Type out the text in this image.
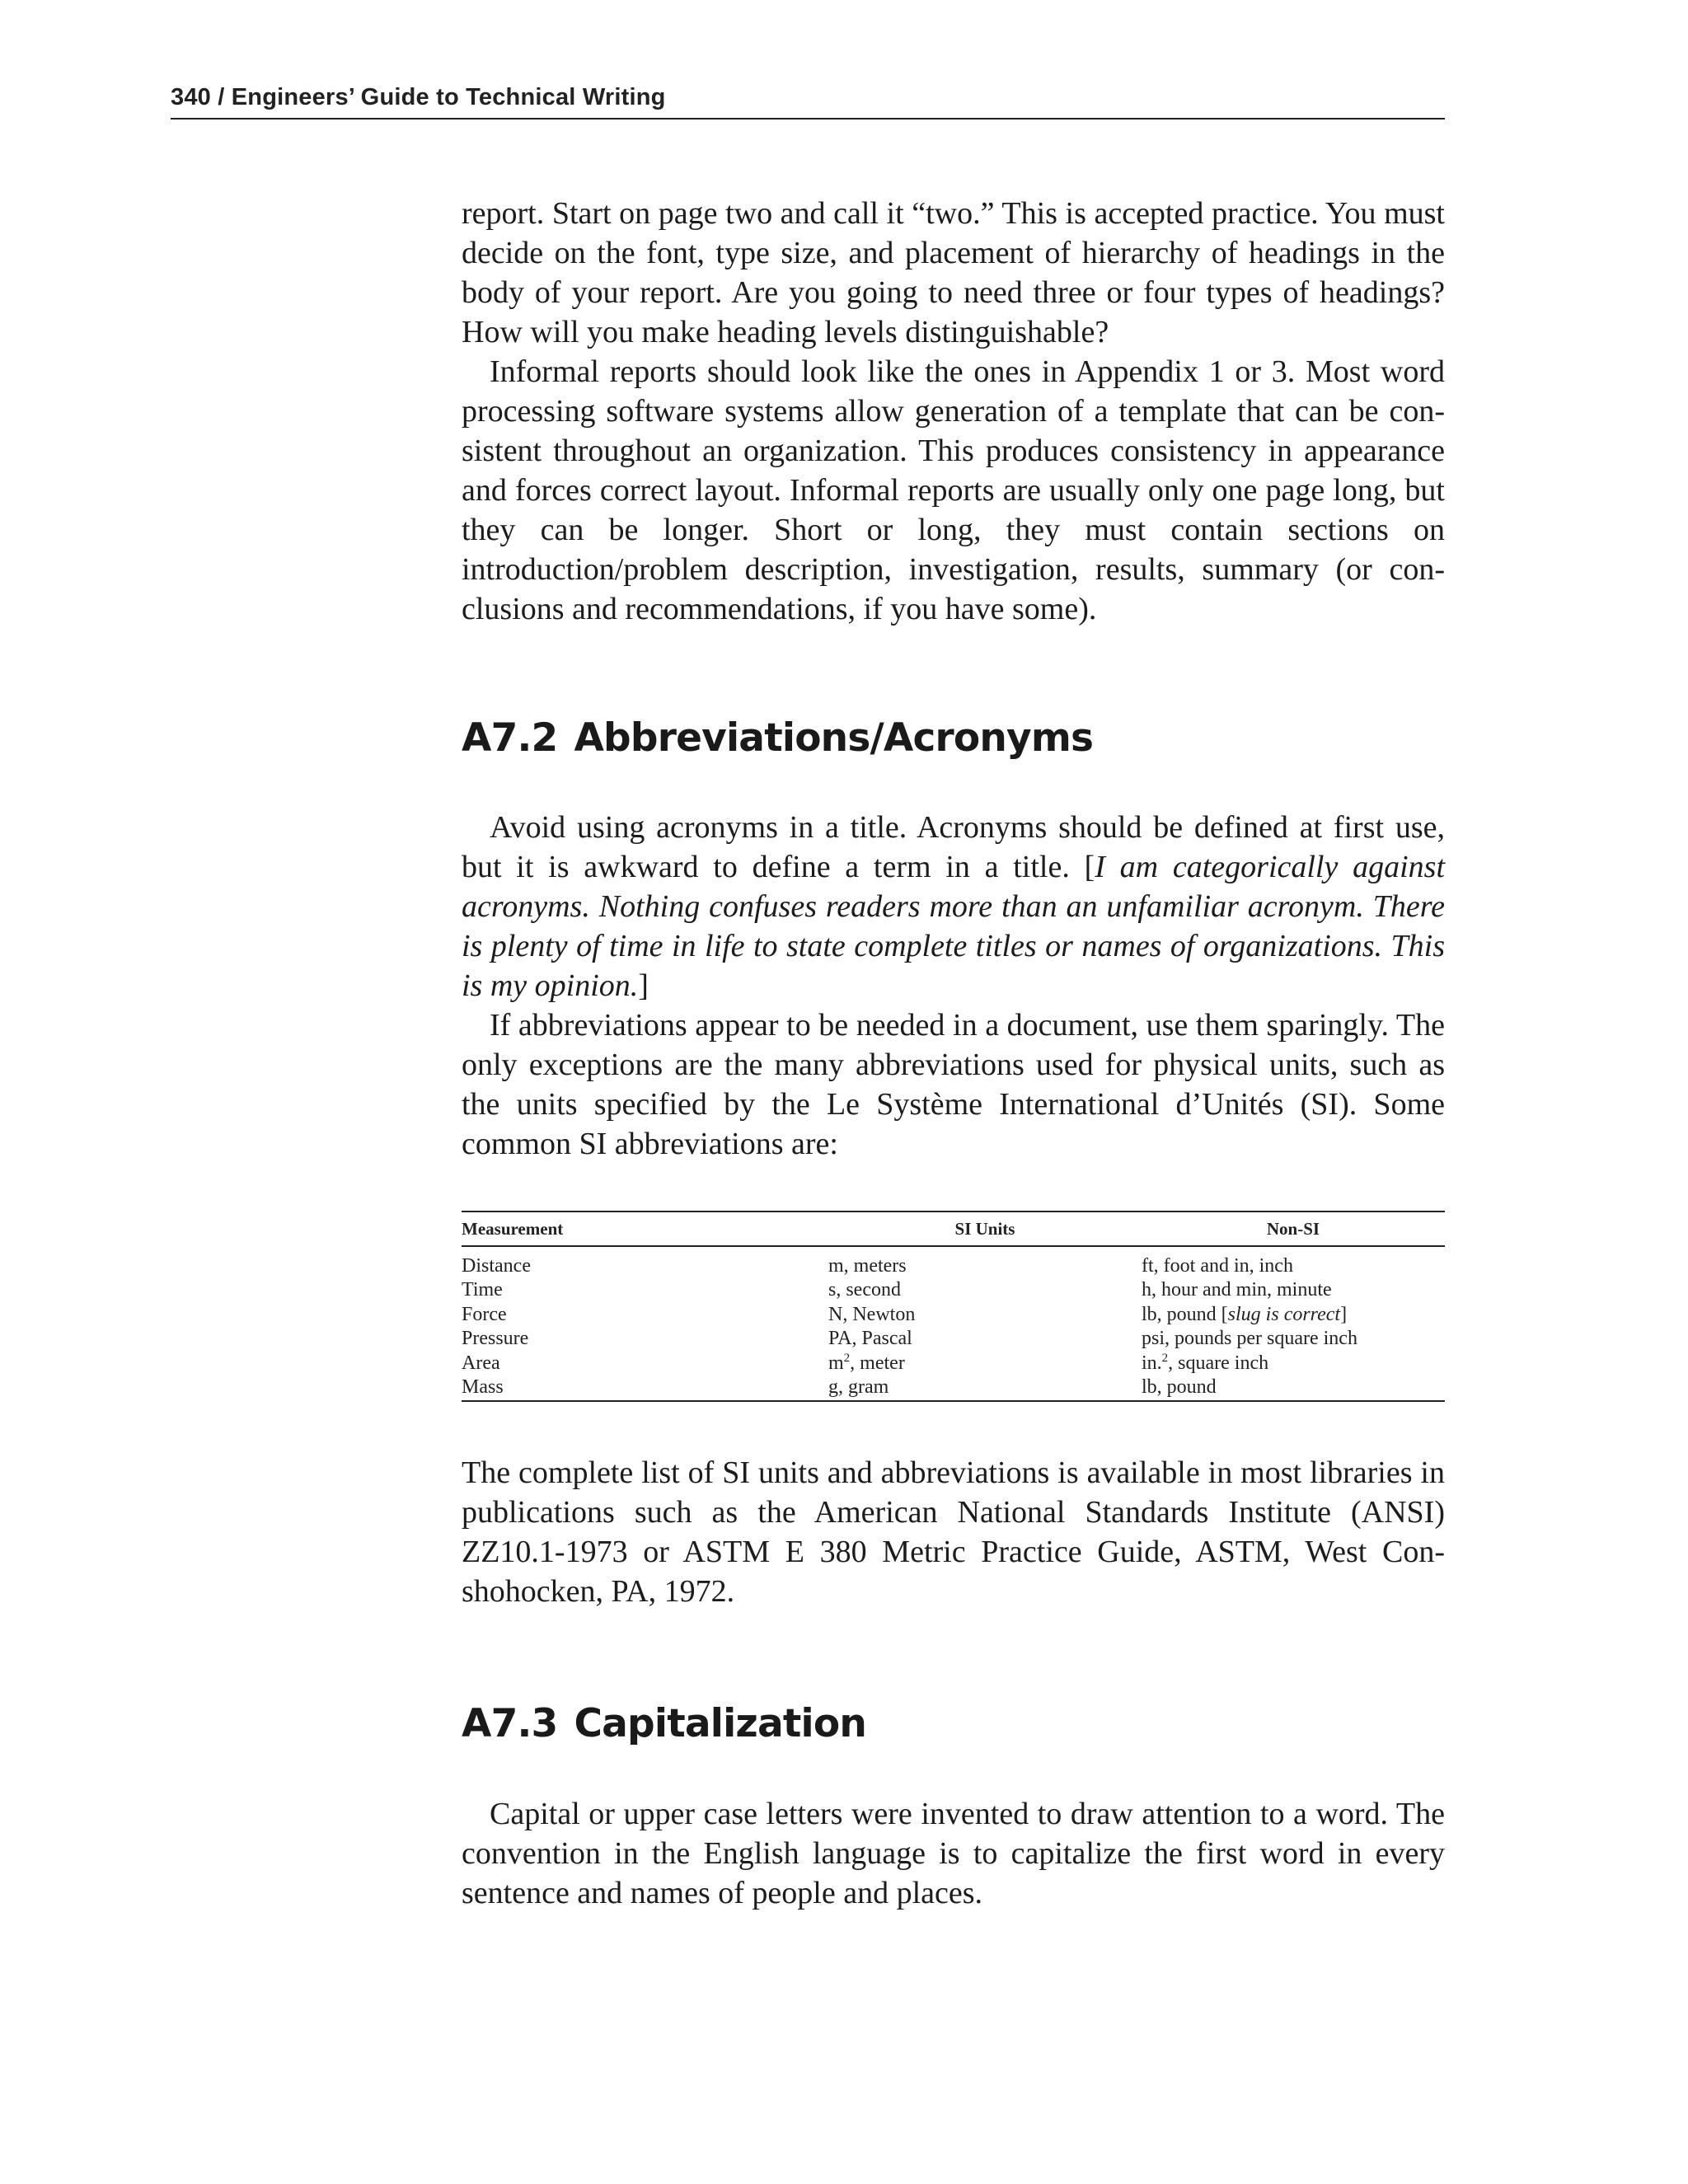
340 / Engineers’ Guide to Technical Writing

report. Start on page two and call it “two.” This is accepted practice. You must decide on the font, type size, and placement of hierarchy of headings in the body of your report. Are you going to need three or four types of headings? How will you make heading levels distinguishable?

Informal reports should look like the ones in Appendix 1 or 3. Most word processing software systems allow generation of a template that can be consistent throughout an organization. This produces consistency in appearance and forces correct layout. Informal reports are usually only one page long, but they can be longer. Short or long, they must contain sections on introduction/problem description, investigation, results, summary (or conclusions and recommendations, if you have some).

A7.2 Abbreviations/Acronyms

Avoid using acronyms in a title. Acronyms should be defined at first use, but it is awkward to define a term in a title. [I am categorically against acronyms. Nothing confuses readers more than an unfamiliar acronym. There is plenty of time in life to state complete titles or names of organizations. This is my opinion.]

If abbreviations appear to be needed in a document, use them sparingly. The only exceptions are the many abbreviations used for physical units, such as the units specified by the Le Système International d’Unités (SI). Some common SI abbreviations are:

Measurement	SI Units	Non-SI
Distance	m, meters	ft, foot and in, inch
Time	s, second	h, hour and min, minute
Force	N, Newton	lb, pound [slug is correct]
Pressure	PA, Pascal	psi, pounds per square inch
Area	$m^2$, meter	in.$^2$, square inch
Mass	g, gram	lb, pound

The complete list of SI units and abbreviations is available in most libraries in publications such as the American National Standards Institute (ANSI) ZZ10.1-1973 or ASTM E 380 Metric Practice Guide, ASTM, West Conshohocken, PA, 1972.

A7.3 Capitalization

Capital or upper case letters were invented to draw attention to a word. The convention in the English language is to capitalize the first word in every sentence and names of people and places.
